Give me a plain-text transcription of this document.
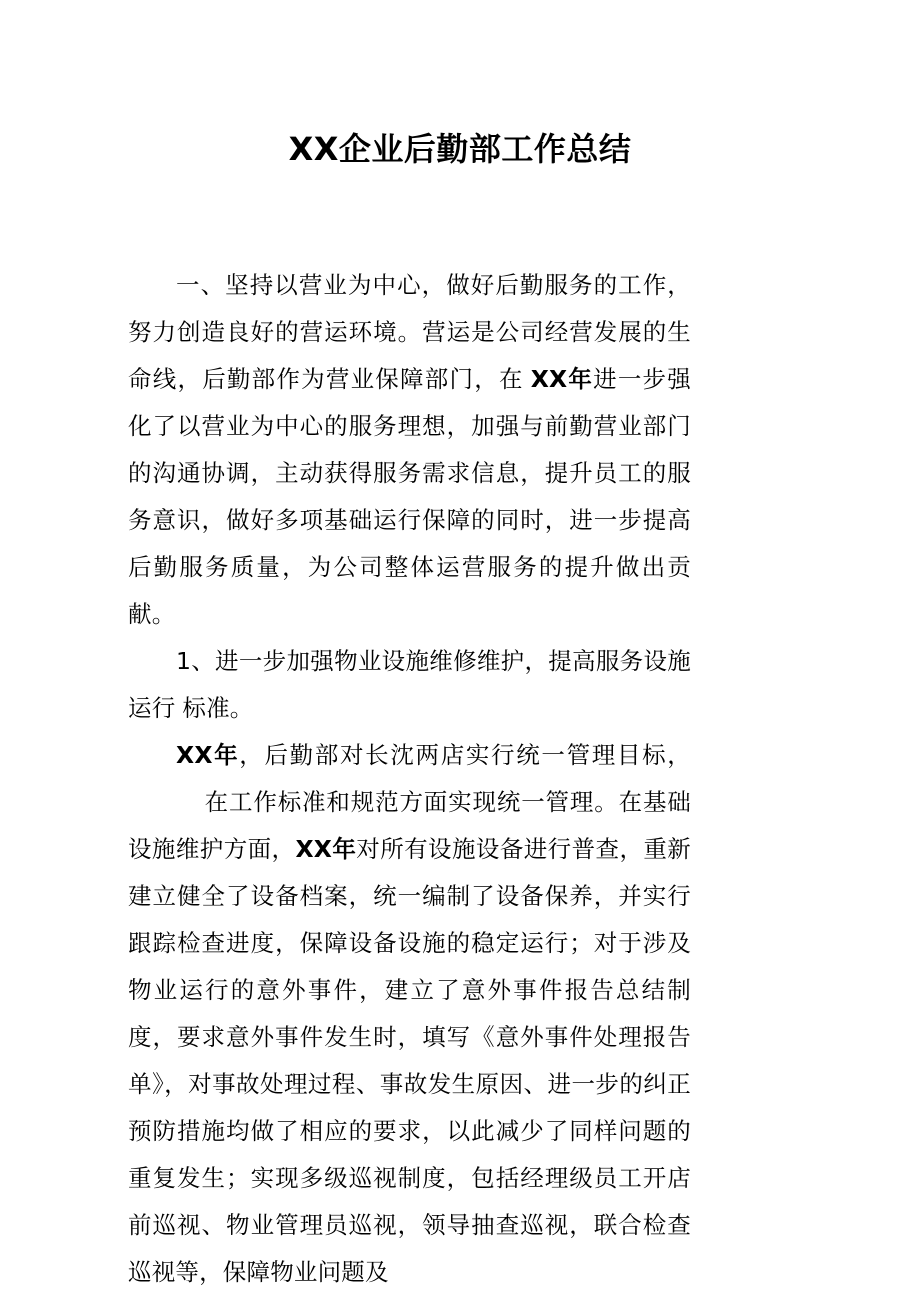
XX企业后勤部工作总结

一、坚持以营业为中心，做好后勤服务的工作，努力创造良好的营运环境。营运是公司经营发展的生命线，后勤部作为营业保障部门，在 XX年进一步强化了以营业为中心的服务理想，加强与前勤营业部门的沟通协调，主动获得服务需求信息，提升员工的服务意识，做好多项基础运行保障的同时，进一步提高后勤服务质量，为公司整体运营服务的提升做出贡献。

1、进一步加强物业设施维修维护，提高服务设施运行 标准。

XX年，后勤部对长沈两店实行统一管理目标，在工作标准和规范方面实现统一管理。在基础设施维护方面，XX年对所有设施设备进行普查，重新建立健全了设备档案，统一编制了设备保养，并实行跟踪检查进度，保障设备设施的稳定运行；对于涉及物业运行的意外事件，建立了意外事件报告总结制度，要求意外事件发生时，填写《意外事件处理报告单》，对事故处理过程、事故发生原因、进一步的纠正预防措施均做了相应的要求，以此减少了同样问题的重复发生；实现多级巡视制度，包括经理级员工开店前巡视、物业管理员巡视，领导抽查巡视，联合检查巡视等，保障物业问题及
